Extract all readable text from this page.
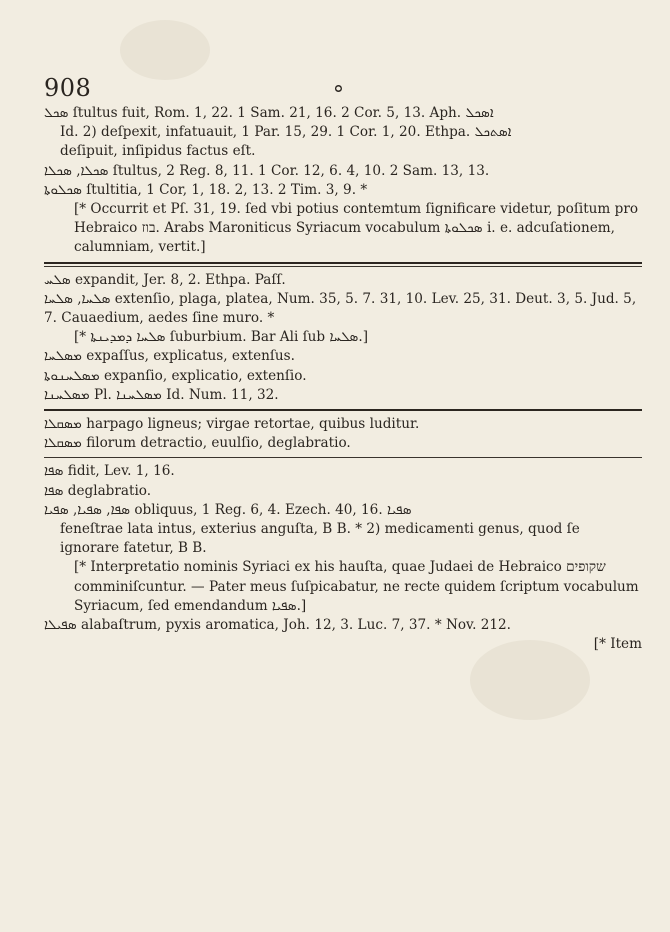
908	ܘ

ܣܟܠ ſtultus fuit, Rom. 1, 22. 1 Sam. 21, 16. 2 Cor. 5, 13. Aph. ܐܣܟܠ

Id. 2) deſpexit, infatuauit, 1 Par. 15, 29. 1 Cor. 1, 20. Ethpa. ܐܣܬܟܠ

deſipuit, inſipidus factus eſt.

ܣܟܠܐ, ܣܟܠܐ ſtultus, 2 Reg. 8, 11. 1 Cor. 12, 6. 4, 10. 2 Sam. 13, 13.

ܣܟܠܘܬܐ ſtultitia, 1 Cor, 1, 18. 2, 13. 2 Tim. 3, 9. *

[* Occurrit et Pſ. 31, 19. ſed vbi potius contemtum ſignificare videtur, poſitum pro Hebraico בוז. Arabs Maroniticus Syriacum vocabulum ܣܟܠܘܬܐ i. e. adcuſationem, calumniam, vertit.]

ܣܠܚ expandit, Jer. 8, 2. Ethpa. Paſſ.

ܣܠܚܐ, ܣܠܚܐ extenſio, plaga, platea, Num. 35, 5. 7. 31, 10. Lev. 25, 31. Deut. 3, 5. Jud. 5, 7. Cauaedium, aedes ſine muro. *

[* ܣܠܚܐ ܕܡܕܝܢܬܐ ſuburbium. Bar Ali ſub ܣܠܚܐ.]

ܡܣܠܚܐ expaſſus, explicatus, extenſus.

ܡܣܠܚܢܘܬܐ expanſio, explicatio, extenſio.

ܡܣܠܚܢܐ Pl. ܡܣܠܚܢܐ Id. Num. 11, 32.

ܡܣܩܠܐ harpago ligneus; virgae retortae, quibus luditur.

ܡܣܩܠܐ filorum detractio, euulſio, deglabratio.

ܣܦܐ fidit, Lev. 1, 16.

ܣܦܐ deglabratio.

ܣܦܐ, ܣܦܝܐ, ܣܦܝܐ obliquus, 1 Reg. 6, 4. Ezech. 40, 16. ܣܦܝܐ

feneſtrae lata intus, exterius anguſta, B B. * 2) medicamenti genus, quod ſe ignorare fatetur, B B.

[* Interpretatio nominis Syriaci ex his hauſta, quae Judaei de Hebraico שקופים comminiſcuntur. — Pater meus ſuſpicabatur, ne recte quidem ſcriptum vocabulum Syriacum, ſed emendandum ܣܦܝܐ.]

ܣܦܝܠܐ alabaſtrum, pyxis aromatica, Joh. 12, 3. Luc. 7, 37. * Nov. 212.

[* Item
